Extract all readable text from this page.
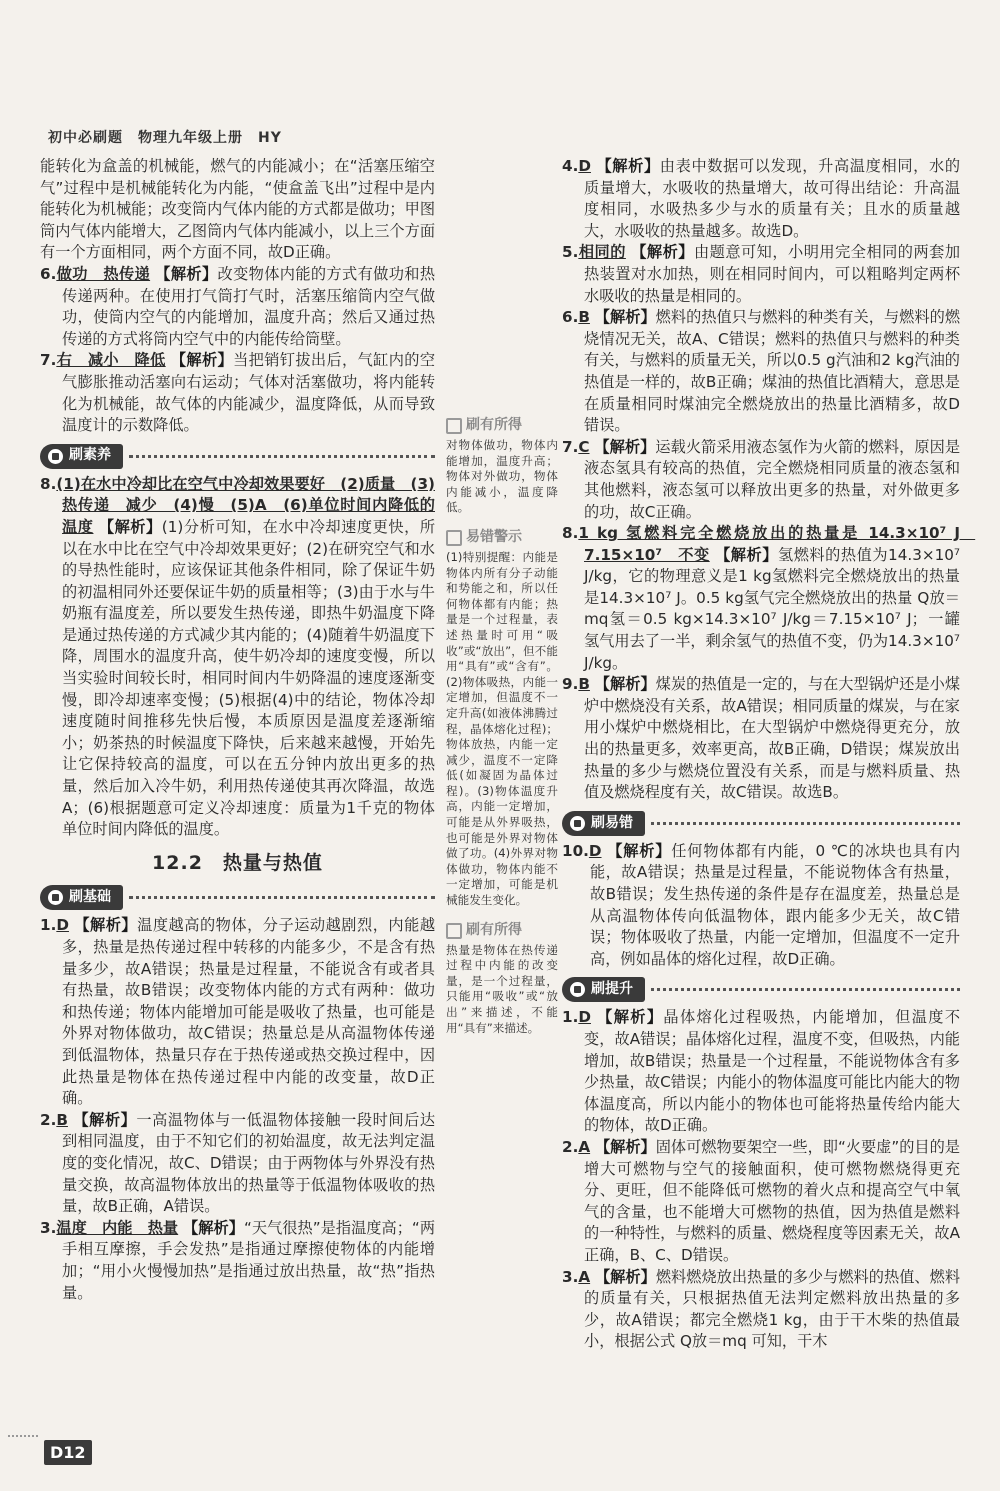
初中必刷题　物理九年级上册　HY

能转化为盒盖的机械能，燃气的内能减小；在“活塞压缩空气”过程中是机械能转化为内能，“使盒盖飞出”过程中是内能转化为机械能；改变筒内气体内能的方式都是做功；甲图筒内气体内能增大，乙图筒内气体内能减小，以上三个方面有一个方面相同，两个方面不同，故D正确。

6.做功　热传递 【解析】改变物体内能的方式有做功和热传递两种。在使用打气筒打气时，活塞压缩筒内空气做功，使筒内空气的内能增加，温度升高；然后又通过热传递的方式将筒内空气中的内能传给筒壁。

7.右　减小　降低 【解析】当把销钉拔出后，气缸内的空气膨胀推动活塞向右运动；气体对活塞做功，将内能转化为机械能，故气体的内能减少，温度降低，从而导致温度计的示数降低。

刷素养

8.(1)在水中冷却比在空气中冷却效果要好　(2)质量　(3)热传递　减少　(4)慢　(5)A　(6)单位时间内降低的温度 【解析】(1)分析可知，在水中冷却速度更快，所以在水中比在空气中冷却效果更好；(2)在研究空气和水的导热性能时，应该保证其他条件相同，除了保证牛奶的初温相同外还要保证牛奶的质量相等；(3)由于水与牛奶瓶有温度差，所以要发生热传递，即热牛奶温度下降是通过热传递的方式减少其内能的；(4)随着牛奶温度下降，周围水的温度升高，使牛奶冷却的速度变慢，所以当实验时间较长时，相同时间内牛奶降温的速度逐渐变慢，即冷却速率变慢；(5)根据(4)中的结论，物体冷却速度随时间推移先快后慢，本质原因是温度差逐渐缩小；奶茶热的时候温度下降快，后来越来越慢，开始先让它保持较高的温度，可以在五分钟内放出更多的热量，然后加入冷牛奶，利用热传递使其再次降温，故选A；(6)根据题意可定义冷却速度：质量为1千克的物体单位时间内降低的温度。

12.2　热量与热值
刷基础

1.D 【解析】温度越高的物体，分子运动越剧烈，内能越多，热量是热传递过程中转移的内能多少，不是含有热量多少，故A错误；热量是过程量，不能说含有或者具有热量，故B错误；改变物体内能的方式有两种：做功和热传递；物体内能增加可能是吸收了热量，也可能是外界对物体做功，故C错误；热量总是从高温物体传递到低温物体，热量只存在于热传递或热交换过程中，因此热量是物体在热传递过程中内能的改变量，故D正确。

2.B 【解析】一高温物体与一低温物体接触一段时间后达到相同温度，由于不知它们的初始温度，故无法判定温度的变化情况，故C、D错误；由于两物体与外界没有热量交换，故高温物体放出的热量等于低温物体吸收的热量，故B正确，A错误。

3.温度　内能　热量 【解析】“天气很热”是指温度高；“两手相互摩擦，手会发热”是指通过摩擦使物体的内能增加；“用小火慢慢加热”是指通过放出热量，故“热”指热量。

刷有所得

对物体做功，物体内能增加，温度升高；物体对外做功，物体内能减小，温度降低。

易错警示

(1)特别提醒：内能是物体内所有分子动能和势能之和，所以任何物体都有内能；热量是一个过程量，表述热量时可用“吸收”或“放出”，但不能用“具有”或“含有”。(2)物体吸热，内能一定增加，但温度不一定升高(如液体沸腾过程，晶体熔化过程)；物体放热，内能一定减少，温度不一定降低(如凝固为晶体过程)。(3)物体温度升高，内能一定增加，可能是从外界吸热，也可能是外界对物体做了功。(4)外界对物体做功，物体内能不一定增加，可能是机械能发生变化。

刷有所得

热量是物体在热传递过程中内能的改变量，是一个过程量，只能用“吸收”或“放出”来描述，不能用“具有”来描述。

4.D 【解析】由表中数据可以发现，升高温度相同，水的质量增大，水吸收的热量增大，故可得出结论：升高温度相同，水吸热多少与水的质量有关；且水的质量越大，水吸收的热量越多。故选D。

5.相同的 【解析】由题意可知，小明用完全相同的两套加热装置对水加热，则在相同时间内，可以粗略判定两杯水吸收的热量是相同的。

6.B 【解析】燃料的热值只与燃料的种类有关，与燃料的燃烧情况无关，故A、C错误；燃料的热值只与燃料的种类有关，与燃料的质量无关，所以0.5 g汽油和2 kg汽油的热值是一样的，故B正确；煤油的热值比酒精大，意思是在质量相同时煤油完全燃烧放出的热量比酒精多，故D错误。

7.C 【解析】运载火箭采用液态氢作为火箭的燃料，原因是液态氢具有较高的热值，完全燃烧相同质量的液态氢和其他燃料，液态氢可以释放出更多的热量，对外做更多的功，故C正确。

8.1 kg 氢燃料完全燃烧放出的热量是 14.3×10⁷ J　7.15×10⁷　不变 【解析】氢燃料的热值为14.3×10⁷ J/kg，它的物理意义是1 kg氢燃料完全燃烧放出的热量是14.3×10⁷ J。0.5 kg氢气完全燃烧放出的热量 Q放＝mq氢＝0.5 kg×14.3×10⁷ J/kg＝7.15×10⁷ J；一罐氢气用去了一半，剩余氢气的热值不变，仍为14.3×10⁷ J/kg。

9.B 【解析】煤炭的热值是一定的，与在大型锅炉还是小煤炉中燃烧没有关系，故A错误；相同质量的煤炭，与在家用小煤炉中燃烧相比，在大型锅炉中燃烧得更充分，放出的热量更多，效率更高，故B正确，D错误；煤炭放出热量的多少与燃烧位置没有关系，而是与燃料质量、热值及燃烧程度有关，故C错误。故选B。

刷易错

10.D 【解析】任何物体都有内能，0 ℃的冰块也具有内能，故A错误；热量是过程量，不能说物体含有热量，故B错误；发生热传递的条件是存在温度差，热量总是从高温物体传向低温物体，跟内能多少无关，故C错误；物体吸收了热量，内能一定增加，但温度不一定升高，例如晶体的熔化过程，故D正确。

刷提升

1.D 【解析】晶体熔化过程吸热，内能增加，但温度不变，故A错误；晶体熔化过程，温度不变，但吸热，内能增加，故B错误；热量是一个过程量，不能说物体含有多少热量，故C错误；内能小的物体温度可能比内能大的物体温度高，所以内能小的物体也可能将热量传给内能大的物体，故D正确。

2.A 【解析】固体可燃物要架空一些，即“火要虚”的目的是增大可燃物与空气的接触面积，使可燃物燃烧得更充分、更旺，但不能降低可燃物的着火点和提高空气中氧气的含量，也不能增大可燃物的热值，因为热值是燃料的一种特性，与燃料的质量、燃烧程度等因素无关，故A正确，B、C、D错误。

3.A 【解析】燃料燃烧放出热量的多少与燃料的热值、燃料的质量有关，只根据热值无法判定燃料放出热量的多少，故A错误；都完全燃烧1 kg，由于干木柴的热值最小，根据公式 Q放＝mq 可知，干木

D12
